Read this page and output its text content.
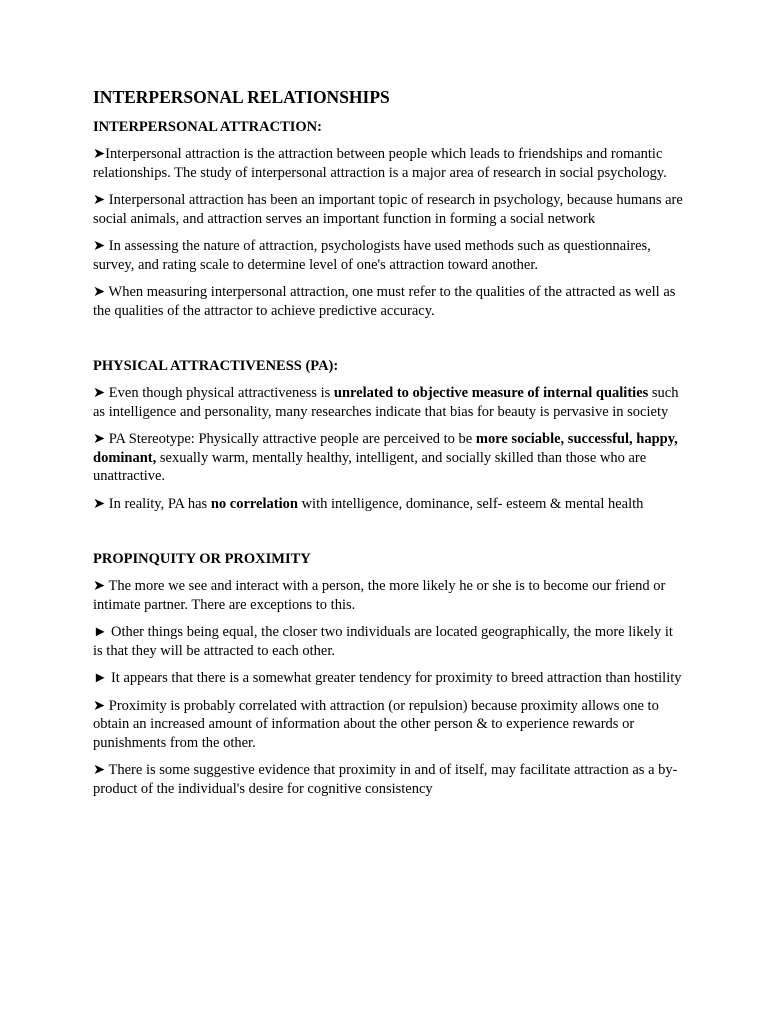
INTERPERSONAL RELATIONSHIPS
INTERPERSONAL ATTRACTION:
➤Interpersonal attraction is the attraction between people which leads to friendships and romantic relationships. The study of interpersonal attraction is a major area of research in social psychology.
➤ Interpersonal attraction has been an important topic of research in psychology, because humans are social animals, and attraction serves an important function in forming a social network
➤ In assessing the nature of attraction, psychologists have used methods such as questionnaires, survey, and rating scale to determine level of one's attraction toward another.
➤ When measuring interpersonal attraction, one must refer to the qualities of the attracted as well as the qualities of the attractor to achieve predictive accuracy.
PHYSICAL ATTRACTIVENESS (PA):
➤ Even though physical attractiveness is unrelated to objective measure of internal qualities such as intelligence and personality, many researches indicate that bias for beauty is pervasive in society
➤ PA Stereotype: Physically attractive people are perceived to be more sociable, successful, happy, dominant, sexually warm, mentally healthy, intelligent, and socially skilled than those who are unattractive.
➤ In reality, PA has no correlation with intelligence, dominance, self- esteem & mental health
PROPINQUITY OR PROXIMITY
➤ The more we see and interact with a person, the more likely he or she is to become our friend or intimate partner. There are exceptions to this.
► Other things being equal, the closer two individuals are located geographically, the more likely it is that they will be attracted to each other.
► It appears that there is a somewhat greater tendency for proximity to breed attraction than hostility
➤ Proximity is probably correlated with attraction (or repulsion) because proximity allows one to obtain an increased amount of information about the other person & to experience rewards or punishments from the other.
➤ There is some suggestive evidence that proximity in and of itself, may facilitate attraction as a by-product of the individual's desire for cognitive consistency
